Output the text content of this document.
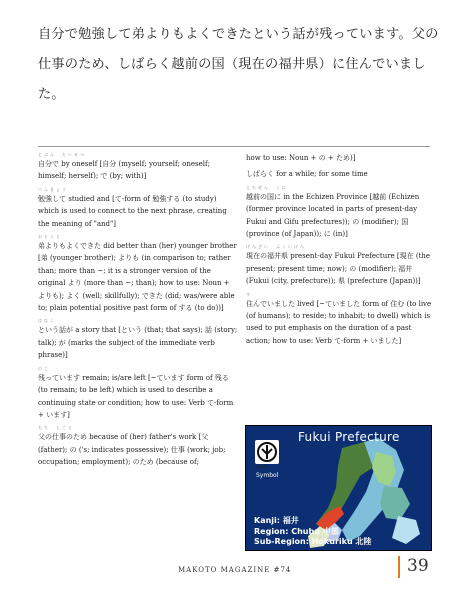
自分で勉強して弟よりもよくできたという話が残っています。父の仕事のため、しばらく越前の国（現在の福井県）に住んでいました。
じぶん　たいせつ
自分で by oneself [自分 (myself; yourself; oneself; himself; herself); で (by; with)]
べんきょう
勉強して studied and [て-form of 勉強する (to study) which is used to connect to the next phrase, creating the meaning of "and"]
おとうと
弟よりもよくできた did better than (her) younger brother [弟 (younger brother); よりも (in comparison to; rather than; more than ~; it is a stronger version of the original より (more than ~; than); how to use: Noun + よりも); よく (well; skillfully); できた (did; was/were able to; plain potential positive past form of する (to do))]
はなし
という話が a story that [という (that; that says); 話 (story; talk); が (marks the subject of the immediate verb phrase)]
のこ
残っています remain; is/are left [~ています form of 残る (to remain; to be left) which is used to describe a continuing state or condition; how to use: Verb て-form + います]
ちち　しごと
父の仕事のため because of (her) father's work [父 (father); の ('s; indicates possessive); 仕事 (work; job; occupation; employment); のため (because of;
how to use: Noun + の + ため)]
しばらく for a while; for some time
えちぜん　くに
越前の国に in the Echizen Province [越前 (Echizen (former province located in parts of present-day Fukui and Gifu prefectures)); の (modifier); 国 (province (of Japan)); に (in)]
げんざい　ふくいけん
現在の福井県 present-day Fukui Prefecture [現在 (the present; present time; now); の (modifier); 福井 (Fukui (city, prefecture)); 県 (prefecture (Japan))]
す
住んでいました lived [~ていました form of 住む (to live (of humans); to reside; to inhabit; to dwell) which is used to put emphasis on the duration of a past action; how to use: Verb て-form + いました]
福井県
Fukui Prefecture
Symbol
Kanji: 福井
Region: Chubu 中部
Sub-Region: Hokuriku 北陸
MAKOTO MAGAZINE #74	39
